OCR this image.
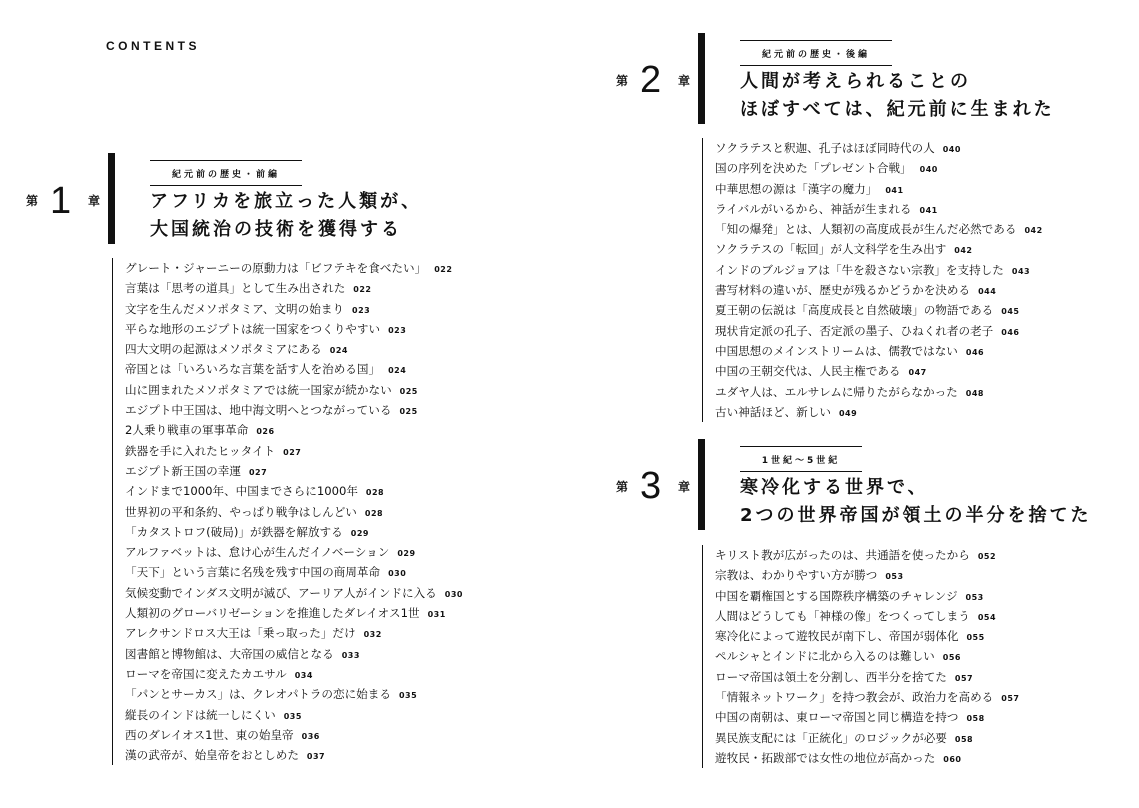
CONTENTS
第 1 章
紀元前の歴史・前編
アフリカを旅立った人類が、
大国統治の技術を獲得する
グレート・ジャーニーの原動力は「ビフテキを食べたい」 022
言葉は「思考の道具」として生み出された 022
文字を生んだメソポタミア、文明の始まり 023
平らな地形のエジプトは統一国家をつくりやすい 023
四大文明の起源はメソポタミアにある 024
帝国とは「いろいろな言葉を話す人を治める国」 024
山に囲まれたメソポタミアでは統一国家が続かない 025
エジプト中王国は、地中海文明へとつながっている 025
2人乗り戦車の軍事革命 026
鉄器を手に入れたヒッタイト 027
エジプト新王国の幸運 027
インドまで1000年、中国までさらに1000年 028
世界初の平和条約、やっぱり戦争はしんどい 028
「カタストロフ(破局)」が鉄器を解放する 029
アルファベットは、怠け心が生んだイノベーション 029
「天下」という言葉に名残を残す中国の商周革命 030
気候変動でインダス文明が滅び、アーリア人がインドに入る 030
人類初のグローバリゼーションを推進したダレイオス1世 031
アレクサンドロス大王は「乗っ取った」だけ 032
図書館と博物館は、大帝国の威信となる 033
ローマを帝国に変えたカエサル 034
「パンとサーカス」は、クレオパトラの恋に始まる 035
縦長のインドは統一しにくい 035
西のダレイオス1世、東の始皇帝 036
漢の武帝が、始皇帝をおとしめた 037
第 2 章
紀元前の歴史・後編
人間が考えられることの
ほぼすべては、紀元前に生まれた
ソクラテスと釈迦、孔子はほぼ同時代の人 040
国の序列を決めた「プレゼント合戦」 040
中華思想の源は「漢字の魔力」 041
ライバルがいるから、神話が生まれる 041
「知の爆発」とは、人類初の高度成長が生んだ必然である 042
ソクラテスの「転回」が人文科学を生み出す 042
インドのブルジョアは「牛を殺さない宗教」を支持した 043
書写材料の違いが、歴史が残るかどうかを決める 044
夏王朝の伝説は「高度成長と自然破壊」の物語である 045
現状肯定派の孔子、否定派の墨子、ひねくれ者の老子 046
中国思想のメインストリームは、儒教ではない 046
中国の王朝交代は、人民主権である 047
ユダヤ人は、エルサレムに帰りたがらなかった 048
古い神話ほど、新しい 049
第 3 章
1世紀〜5世紀
寒冷化する世界で、
2つの世界帝国が領土の半分を捨てた
キリスト教が広がったのは、共通語を使ったから 052
宗教は、わかりやすい方が勝つ 053
中国を覇権国とする国際秩序構築のチャレンジ 053
人間はどうしても「神様の像」をつくってしまう 054
寒冷化によって遊牧民が南下し、帝国が弱体化 055
ペルシャとインドに北から入るのは難しい 056
ローマ帝国は領土を分割し、西半分を捨てた 057
「情報ネットワーク」を持つ教会が、政治力を高める 057
中国の南朝は、東ローマ帝国と同じ構造を持つ 058
異民族支配には「正統化」のロジックが必要 058
遊牧民・拓跋部では女性の地位が高かった 060
